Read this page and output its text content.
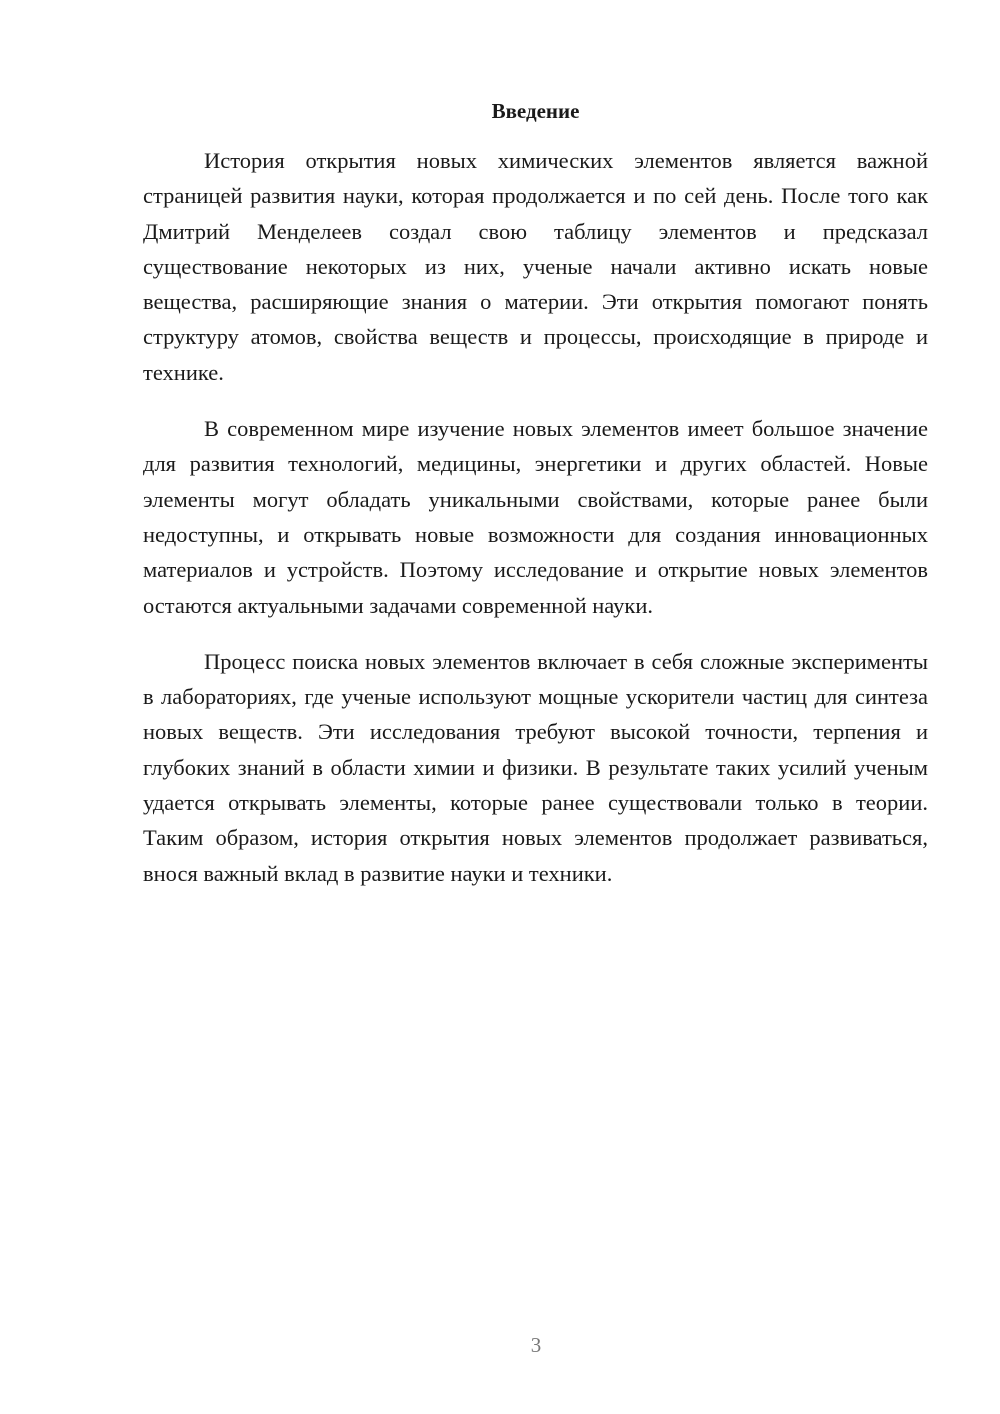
Введение

История открытия новых химических элементов является важной страницей развития науки, которая продолжается и по сей день. После того как Дмитрий Менделеев создал свою таблицу элементов и предсказал существование некоторых из них, ученые начали активно искать новые вещества, расширяющие знания о материи. Эти открытия помогают понять структуру атомов, свойства веществ и процессы, происходящие в природе и технике.

В современном мире изучение новых элементов имеет большое значение для развития технологий, медицины, энергетики и других областей. Новые элементы могут обладать уникальными свойствами, которые ранее были недоступны, и открывать новые возможности для создания инновационных материалов и устройств. Поэтому исследование и открытие новых элементов остаются актуальными задачами современной науки.

Процесс поиска новых элементов включает в себя сложные эксперименты в лабораториях, где ученые используют мощные ускорители частиц для синтеза новых веществ. Эти исследования требуют высокой точности, терпения и глубоких знаний в области химии и физики. В результате таких усилий ученым удается открывать элементы, которые ранее существовали только в теории. Таким образом, история открытия новых элементов продолжает развиваться, внося важный вклад в развитие науки и техники.

3
